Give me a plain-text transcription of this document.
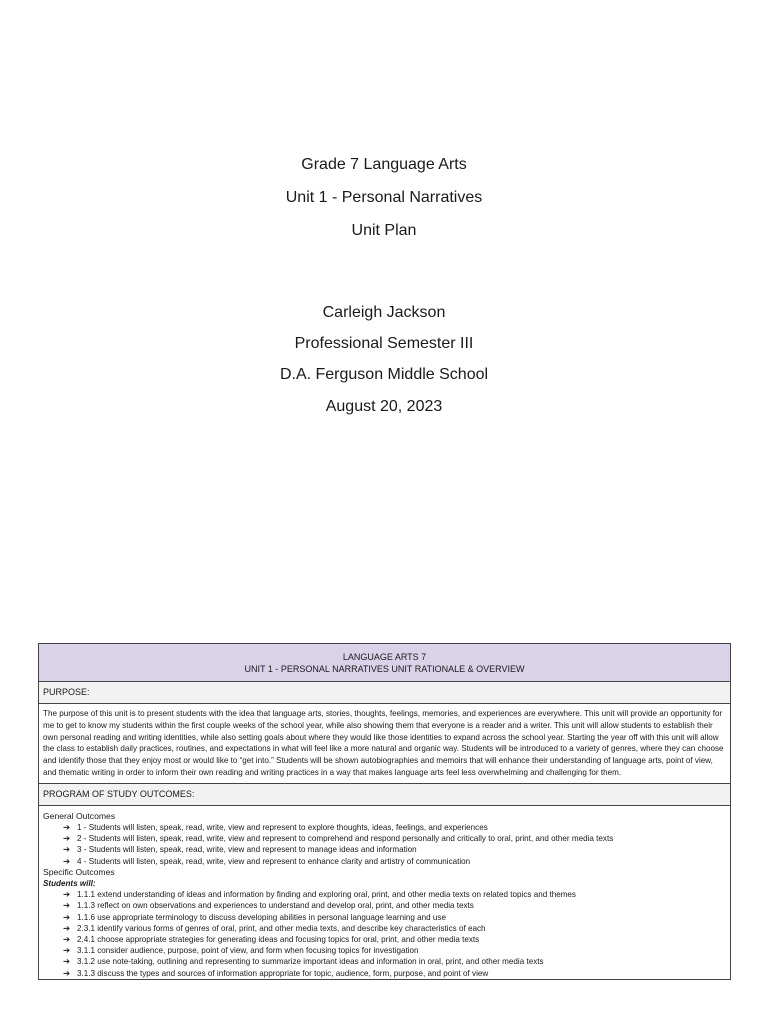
Grade 7 Language Arts

Unit 1 - Personal Narratives

Unit Plan

Carleigh Jackson

Professional Semester III

D.A. Ferguson Middle School

August 20, 2023

LANGUAGE ARTS 7
UNIT 1 - PERSONAL NARRATIVES UNIT RATIONALE & OVERVIEW
PURPOSE:
The purpose of this unit is to present students with the idea that language arts, stories, thoughts, feelings, memories, and experiences are everywhere. This unit will provide an opportunity for me to get to know my students within the first couple weeks of the school year, while also showing them that everyone is a reader and a writer. This unit will allow students to establish their own personal reading and writing identities, while also setting goals about where they would like those identities to expand across the school year. Starting the year off with this unit will allow the class to establish daily practices, routines, and expectations in what will feel like a more natural and organic way. Students will be introduced to a variety of genres, where they can choose and identify those that they enjoy most or would like to “get into.” Students will be shown autobiographies and memoirs that will enhance their understanding of language arts, point of view, and thematic writing in order to inform their own reading and writing practices in a way that makes language arts feel less overwhelming and challenging for them.
PROGRAM OF STUDY OUTCOMES:

General Outcomes

➔ 1 - Students will listen, speak, read, write, view and represent to explore thoughts, ideas, feelings, and experiences
➔ 2 - Students will listen, speak, read, write, view and represent to comprehend and respond personally and critically to oral, print, and other media texts
➔ 3 - Students will listen, speak, read, write, view and represent to manage ideas and information
➔ 4 - Students will listen, speak, read, write, view and represent to enhance clarity and artistry of communication

Specific Outcomes

Students will:

➔ 1.1.1 extend understanding of ideas and information by finding and exploring oral, print, and other media texts on related topics and themes
➔ 1.1.3 reflect on own observations and experiences to understand and develop oral, print, and other media texts
➔ 1.1.6 use appropriate terminology to discuss developing abilities in personal language learning and use
➔ 2.3.1 identify various forms of genres of oral, print, and other media texts, and describe key characteristics of each
➔ 2.4.1 choose appropriate strategies for generating ideas and focusing topics for oral, print, and other media texts
➔ 3.1.1 consider audience, purpose, point of view, and form when focusing topics for investigation
➔ 3.1.2 use note-taking, outlining and representing to summarize important ideas and information in oral, print, and other media texts
➔ 3.1.3 discuss the types and sources of information appropriate for topic, audience, form, purpose, and point of view
